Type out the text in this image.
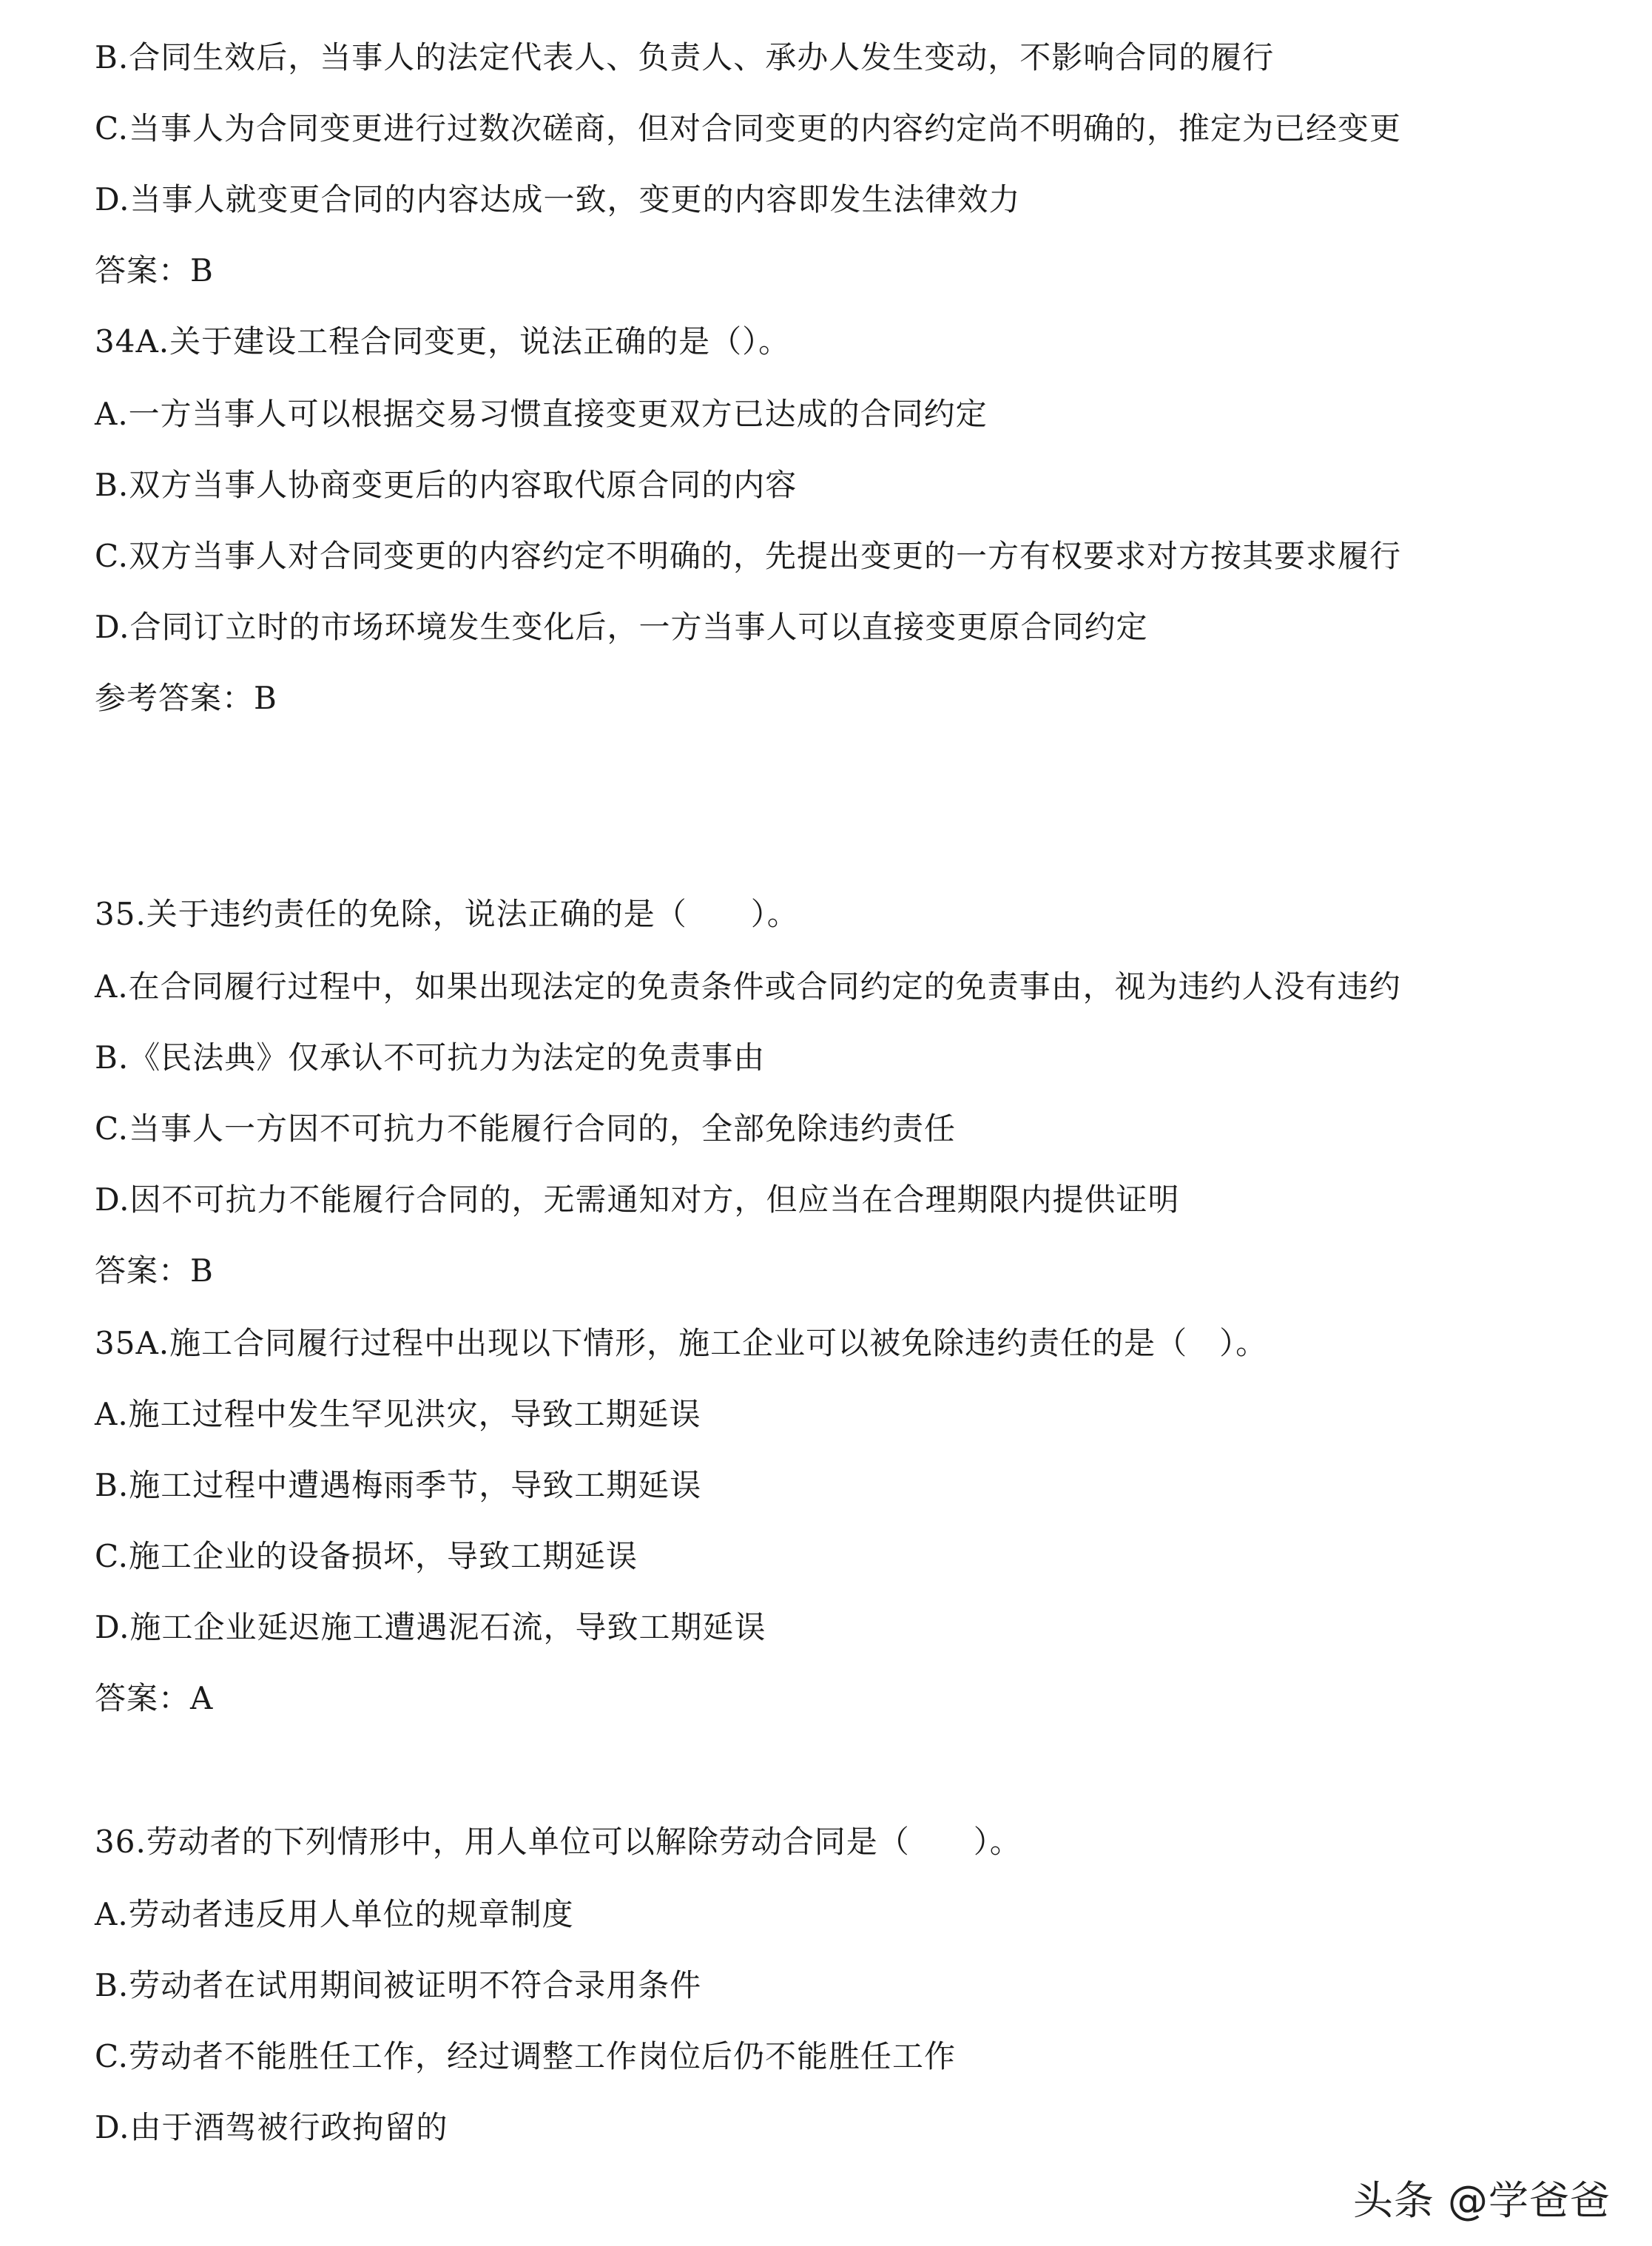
B.合同生效后，当事人的法定代表人、负责人、承办人发生变动，不影响合同的履行
C.当事人为合同变更进行过数次磋商，但对合同变更的内容约定尚不明确的，推定为已经变更
D.当事人就变更合同的内容达成一致，变更的内容即发生法律效力
答案：B
34A.关于建设工程合同变更，说法正确的是（）。
A.一方当事人可以根据交易习惯直接变更双方已达成的合同约定
B.双方当事人协商变更后的内容取代原合同的内容
C.双方当事人对合同变更的内容约定不明确的，先提出变更的一方有权要求对方按其要求履行
D.合同订立时的市场环境发生变化后，一方当事人可以直接变更原合同约定
参考答案：B
35.关于违约责任的免除，说法正确的是（　　）。
A.在合同履行过程中，如果出现法定的免责条件或合同约定的免责事由，视为违约人没有违约
B.《民法典》仅承认不可抗力为法定的免责事由
C.当事人一方因不可抗力不能履行合同的，全部免除违约责任
D.因不可抗力不能履行合同的，无需通知对方，但应当在合理期限内提供证明
答案：B
35A.施工合同履行过程中出现以下情形，施工企业可以被免除违约责任的是（　）。
A.施工过程中发生罕见洪灾，导致工期延误
B.施工过程中遭遇梅雨季节，导致工期延误
C.施工企业的设备损坏，导致工期延误
D.施工企业延迟施工遭遇泥石流，导致工期延误
答案：A
36.劳动者的下列情形中，用人单位可以解除劳动合同是（　　）。
A.劳动者违反用人单位的规章制度
B.劳动者在试用期间被证明不符合录用条件
C.劳动者不能胜任工作，经过调整工作岗位后仍不能胜任工作
D.由于酒驾被行政拘留的
头条 @学爸爸
